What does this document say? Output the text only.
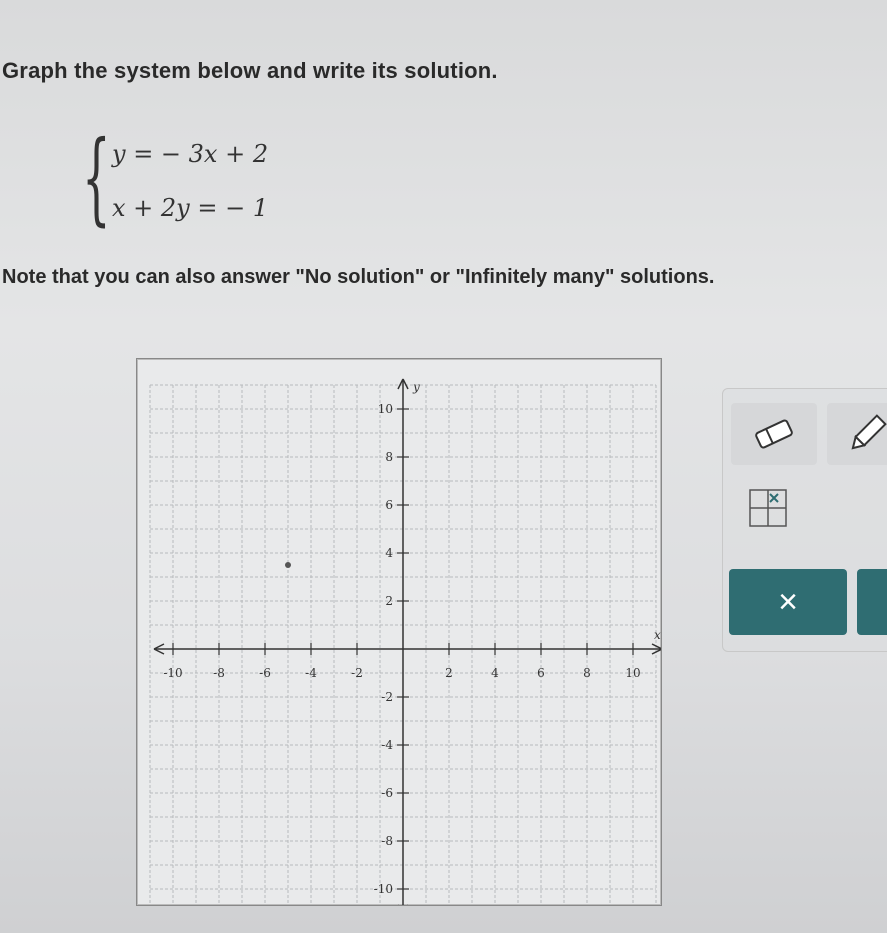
Graph the system below and write its solution.
{ y = − 3x + 2
x + 2y = − 1
Note that you can also answer "No solution" or "Infinitely many" solutions.
-10	-8	-6	-4	-2	2	4	6	8	10
10
8
6
4
2
-2
-4
-6
-8
-10
x
y
×
